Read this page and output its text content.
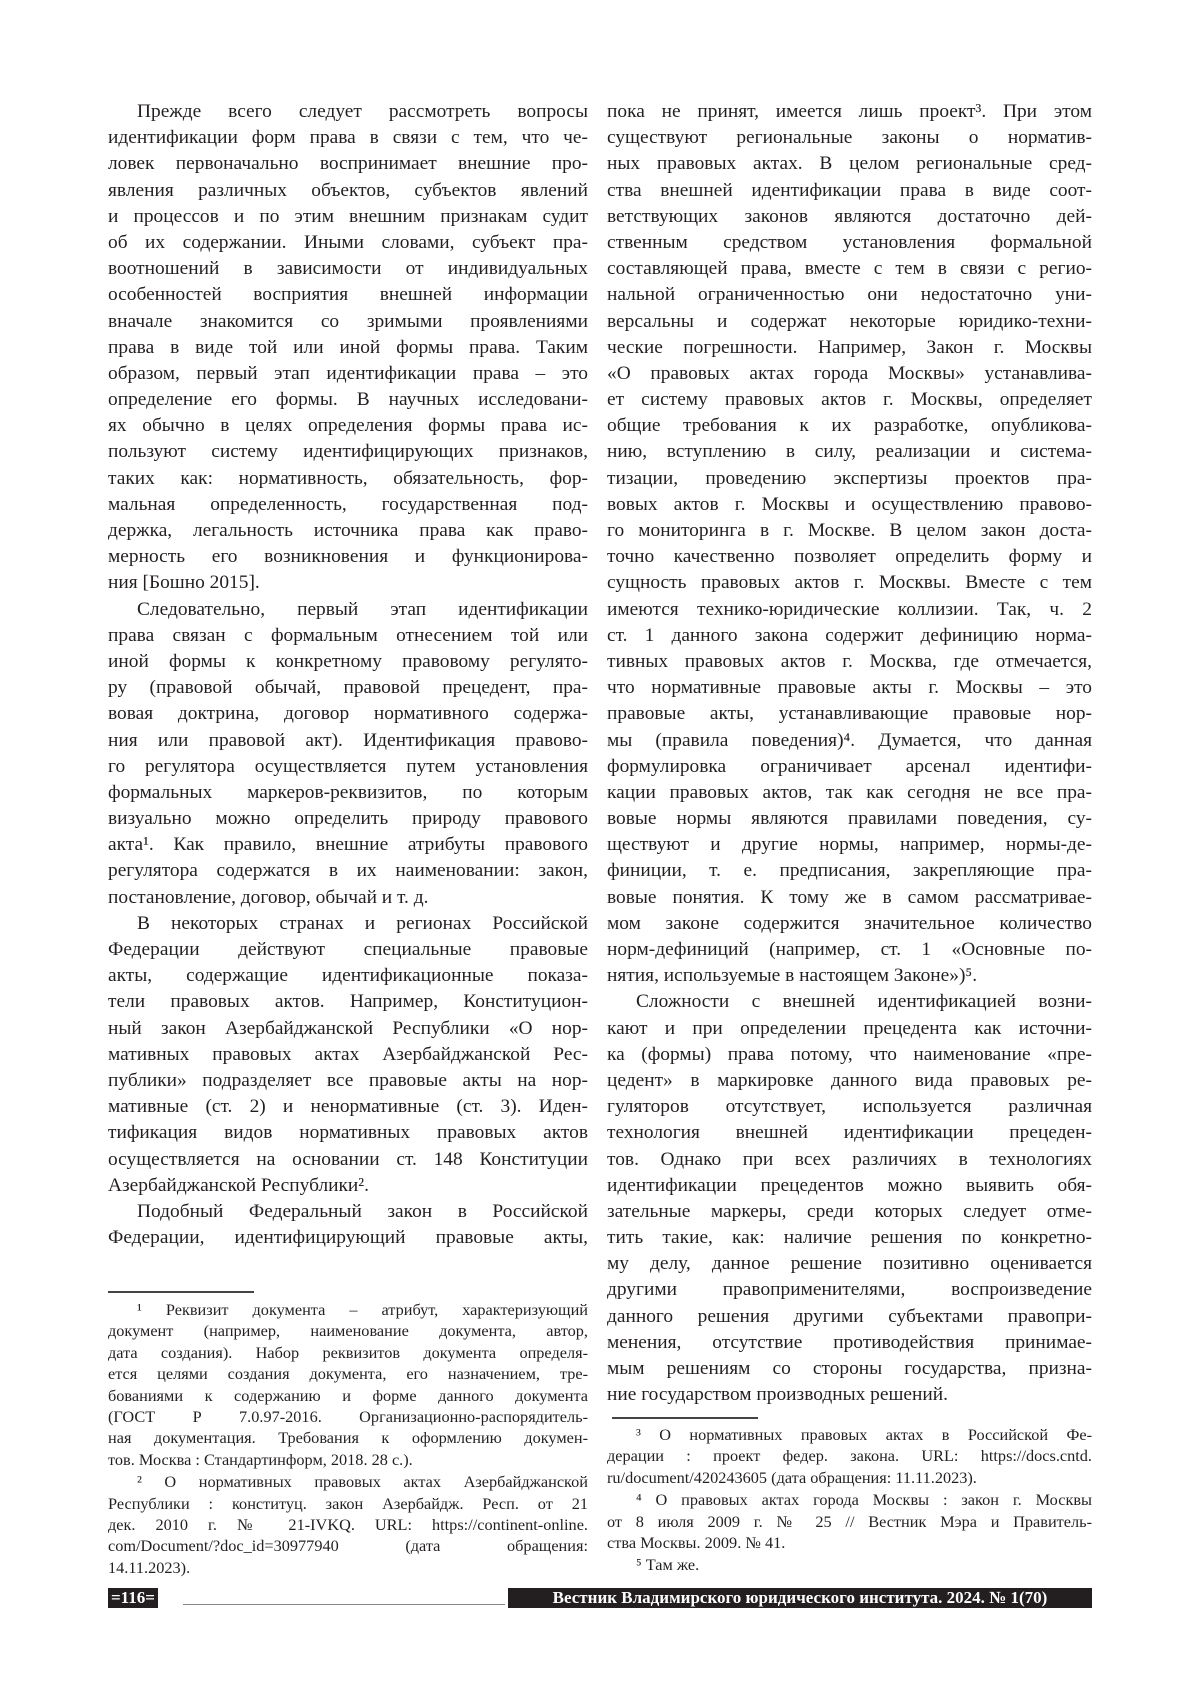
Прежде всего следует рассмотреть вопросы
идентификации форм права в связи с тем, что че-
ловек первоначально воспринимает внешние про-
явления различных объектов, субъектов явлений
и процессов и по этим внешним признакам судит
об их содержании. Иными словами, субъект пра-
воотношений в зависимости от индивидуальных
особенностей восприятия внешней информации
вначале знакомится со зримыми проявлениями
права в виде той или иной формы права. Таким
образом, первый этап идентификации права – это
определение его формы. В научных исследовани-
ях обычно в целях определения формы права ис-
пользуют систему идентифицирующих признаков,
таких как: нормативность, обязательность, фор-
мальная определенность, государственная под-
держка, легальность источника права как право-
мерность его возникновения и функционирова-
ния [Бошно 2015].
Следовательно, первый этап идентификации
права связан с формальным отнесением той или
иной формы к конкретному правовому регулято-
ру (правовой обычай, правовой прецедент, пра-
вовая доктрина, договор нормативного содержа-
ния или правовой акт). Идентификация правово-
го регулятора осуществляется путем установления
формальных маркеров-реквизитов, по которым
визуально можно определить природу правового
акта¹. Как правило, внешние атрибуты правового
регулятора содержатся в их наименовании: закон,
постановление, договор, обычай и т. д.
В некоторых странах и регионах Российской
Федерации действуют специальные правовые
акты, содержащие идентификационные показа-
тели правовых актов. Например, Конституцион-
ный закон Азербайджанской Республики «О нор-
мативных правовых актах Азербайджанской Рес-
публики» подразделяет все правовые акты на нор-
мативные (ст. 2) и ненормативные (ст. 3). Иден-
тификация видов нормативных правовых актов
осуществляется на основании ст. 148 Конституции
Азербайджанской Республики².
Подобный Федеральный закон в Российской
Федерации, идентифицирующий правовые акты,
пока не принят, имеется лишь проект³. При этом
существуют региональные законы о норматив-
ных правовых актах. В целом региональные сред-
ства внешней идентификации права в виде соот-
ветствующих законов являются достаточно дей-
ственным средством установления формальной
составляющей права, вместе с тем в связи с регио-
нальной ограниченностью они недостаточно уни-
версальны и содержат некоторые юридико-техни-
ческие погрешности. Например, Закон г. Москвы
«О правовых актах города Москвы» устанавлива-
ет систему правовых актов г. Москвы, определяет
общие требования к их разработке, опубликова-
нию, вступлению в силу, реализации и система-
тизации, проведению экспертизы проектов пра-
вовых актов г. Москвы и осуществлению правово-
го мониторинга в г. Москве. В целом закон доста-
точно качественно позволяет определить форму и
сущность правовых актов г. Москвы. Вместе с тем
имеются технико-юридические коллизии. Так, ч. 2
ст. 1 данного закона содержит дефиницию норма-
тивных правовых актов г. Москва, где отмечается,
что нормативные правовые акты г. Москвы – это
правовые акты, устанавливающие правовые нор-
мы (правила поведения)⁴. Думается, что данная
формулировка ограничивает арсенал идентифи-
кации правовых актов, так как сегодня не все пра-
вовые нормы являются правилами поведения, су-
ществуют и другие нормы, например, нормы-де-
финиции, т. е. предписания, закрепляющие пра-
вовые понятия. К тому же в самом рассматривае-
мом законе содержится значительное количество
норм-дефиниций (например, ст. 1 «Основные по-
нятия, используемые в настоящем Законе»)⁵.
Сложности с внешней идентификацией возни-
кают и при определении прецедента как источни-
ка (формы) права потому, что наименование «пре-
цедент» в маркировке данного вида правовых ре-
гуляторов отсутствует, используется различная
технология внешней идентификации прецеден-
тов. Однако при всех различиях в технологиях
идентификации прецедентов можно выявить обя-
зательные маркеры, среди которых следует отме-
тить такие, как: наличие решения по конкретно-
му делу, данное решение позитивно оценивается
другими правоприменителями, воспроизведение
данного решения другими субъектами правопри-
менения, отсутствие противодействия принимае-
мым решениям со стороны государства, призна-
ние государством производных решений.
¹ Реквизит документа – атрибут, характеризующий
документ (например, наименование документа, автор,
дата создания). Набор реквизитов документа определя-
ется целями создания документа, его назначением, тре-
бованиями к содержанию и форме данного документа
(ГОСТ Р 7.0.97-2016. Организационно-распорядитель-
ная документация. Требования к оформлению докумен-
тов. Москва : Стандартинформ, 2018. 28 с.).
² О нормативных правовых актах Азербайджанской
Республики : конституц. закон Азербайдж. Респ. от 21
дек. 2010 г. № 21-IVKQ. URL: https://continent-online.
com/Document/?doc_id=30977940 (дата обращения:
14.11.2023).
³ О нормативных правовых актах в Российской Фе-
дерации : проект федер. закона. URL: https://docs.cntd.
ru/document/420243605 (дата обращения: 11.11.2023).
⁴ О правовых актах города Москвы : закон г. Москвы
от 8 июля 2009 г. № 25 // Вестник Мэра и Правитель-
ства Москвы. 2009. № 41.
⁵ Там же.
=116=	Вестник Владимирского юридического института. 2024. № 1(70)
